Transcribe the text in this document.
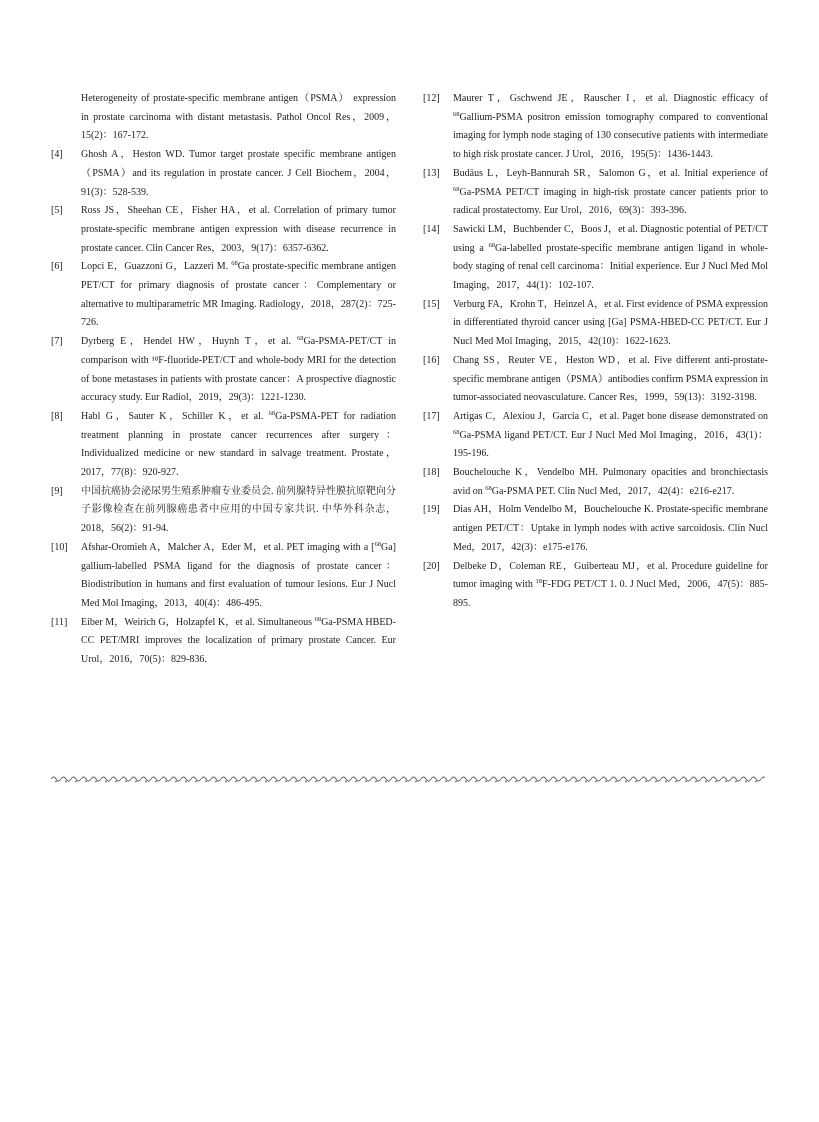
Heterogeneity of prostate-specific membrane antigen（PSMA） expression in prostate carcinoma with distant metastasis. Pathol Oncol Res，2009，15(2)：167-172.
[4]	Ghosh A，Heston WD. Tumor target prostate specific membrane antigen（PSMA）and its regulation in prostate cancer. J Cell Biochem，2004，91(3)：528-539.
[5]	Ross JS，Sheehan CE，Fisher HA，et al. Correlation of primary tumor prostate-specific membrane antigen expression with disease recurrence in prostate cancer. Clin Cancer Res，2003，9(17)：6357-6362.
[6]	Lopci E，Guazzoni G，Lazzeri M. $^{68}$Ga prostate-specific membrane antigen PET/CT for primary diagnosis of prostate cancer：Complementary or alternative to multiparametric MR Imaging. Radiology，2018，287(2)：725-726.
[7]	Dyrberg E，Hendel HW，Huynh T，et al. $^{68}$Ga-PSMA-PET/CT in comparison with ¹⁸F-fluoride-PET/CT and whole-body MRI for the detection of bone metastases in patients with prostate cancer：A prospective diagnostic accuracy study. Eur Radiol，2019，29(3)：1221-1230.
[8]	Habl G，Sauter K，Schiller K，et al. $^{68}$Ga-PSMA-PET for radiation treatment planning in prostate cancer recurrences after surgery：Individualized medicine or new standard in salvage treatment. Prostate，2017，77(8)：920-927.
[9]	中国抗癌协会泌尿男生殖系肿瘤专业委员会. 前列腺特异性膜抗原靶向分子影像检查在前列腺癌患者中应用的中国专家共识. 中华外科杂志，2018，56(2)：91-94.
[10]	Afshar-Oromieh A，Malcher A，Eder M，et al. PET imaging with a [$^{68}$Ga] gallium-labelled PSMA ligand for the diagnosis of prostate cancer：Biodistribution in humans and first evaluation of tumour lesions. Eur J Nucl Med Mol Imaging，2013，40(4)：486-495.
[11]	Eiber M，Weirich G，Holzapfel K，et al. Simultaneous $^{68}$Ga-PSMA HBED-CC PET/MRI improves the localization of primary prostate Cancer. Eur Urol，2016，70(5)：829-836.
[12]	Maurer T，Gschwend JE，Rauscher I，et al. Diagnostic efficacy of $^{68}$Gallium-PSMA positron emission tomography compared to conventional imaging for lymph node staging of 130 consecutive patients with intermediate to high risk prostate cancer. J Urol，2016，195(5)：1436-1443.
[13]	Budäus L，Leyh-Bannurah SR，Salomon G，et al. Initial experience of $^{68}$Ga-PSMA PET/CT imaging in high-risk prostate cancer patients prior to radical prostatectomy. Eur Urol，2016，69(3)：393-396.
[14]	Sawicki LM，Buchbender C，Boos J，et al. Diagnostic potential of PET/CT using a $^{68}$Ga-labelled prostate-specific membrane antigen ligand in whole-body staging of renal cell carcinoma：Initial experience. Eur J Nucl Med Mol Imaging，2017，44(1)：102-107.
[15]	Verburg FA，Krohn T，Heinzel A，et al. First evidence of PSMA expression in differentiated thyroid cancer using [Ga] PSMA-HBED-CC PET/CT. Eur J Nucl Med Mol Imaging，2015，42(10)：1622-1623.
[16]	Chang SS，Reuter VE，Heston WD，et al. Five different anti-prostate-specific membrane antigen（PSMA）antibodies confirm PSMA expression in tumor-associated neovasculature. Cancer Res，1999，59(13)：3192-3198.
[17]	Artigas C，Alexiou J，Garcia C，et al. Paget bone disease demonstrated on $^{68}$Ga-PSMA ligand PET/CT. Eur J Nucl Med Mol Imaging，2016，43(1)：195-196.
[18]	Bouchelouche K，Vendelbo MH. Pulmonary opacities and bronchiectasis avid on $^{68}$Ga-PSMA PET. Clin Nucl Med，2017，42(4)：e216-e217.
[19]	Dias AH，Holm Vendelbo M，Bouchelouche K. Prostate-specific membrane antigen PET/CT：Uptake in lymph nodes with active sarcoidosis. Clin Nucl Med，2017，42(3)：e175-e176.
[20]	Delbeke D，Coleman RE，Guiberteau MJ，et al. Procedure guideline for tumor imaging with $^{18}$F-FDG PET/CT 1. 0. J Nucl Med，2006，47(5)：885-895.
